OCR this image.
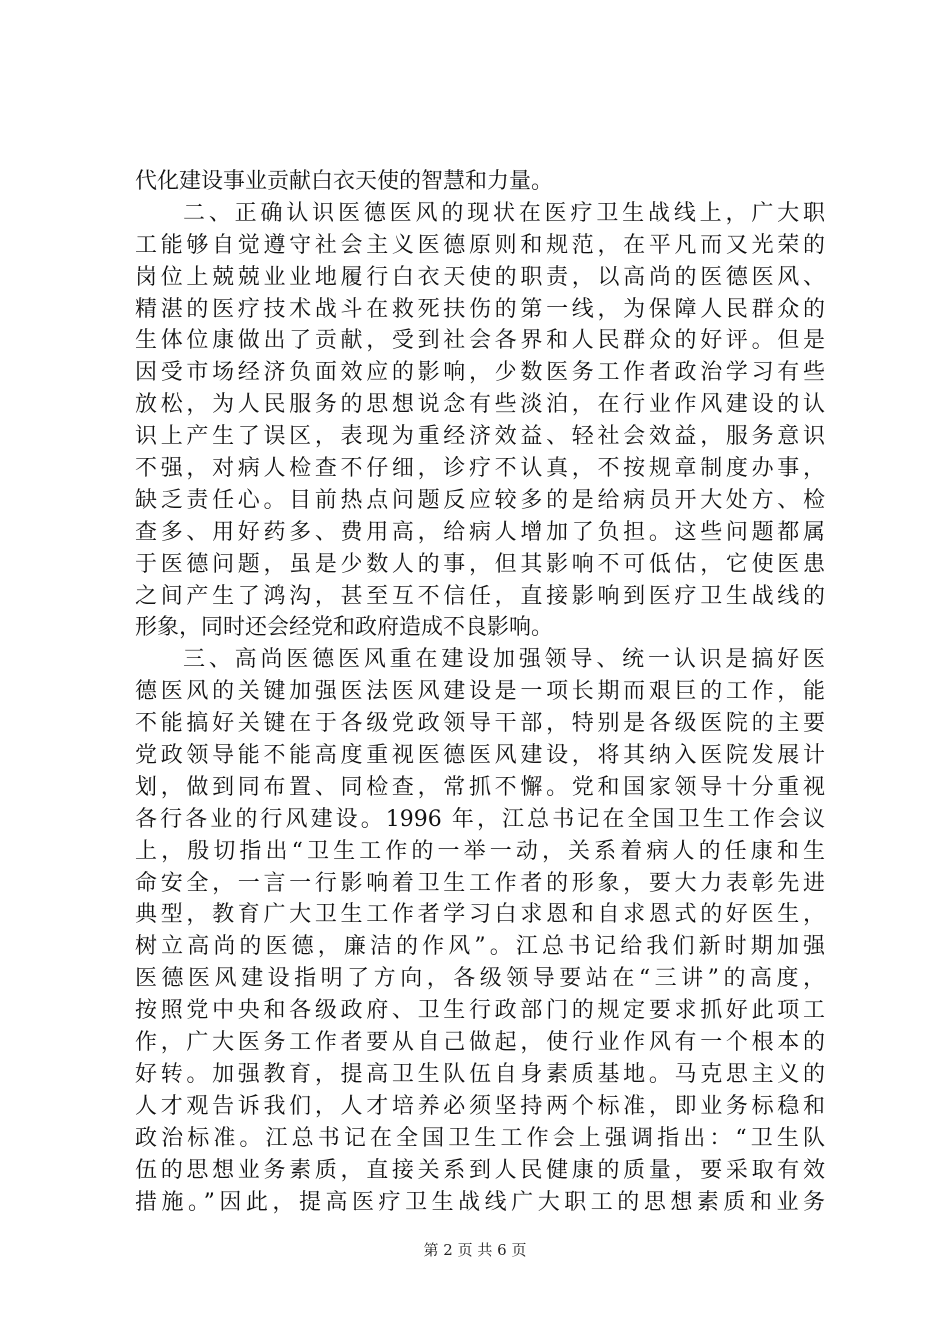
代化建设事业贡献白衣天使的智慧和力量。
二、正确认识医德医风的现状在医疗卫生战线上，广大职
工能够自觉遵守社会主义医德原则和规范，在平凡而又光荣的
岗位上兢兢业业地履行白衣天使的职责，以高尚的医德医风、
精湛的医疗技术战斗在救死扶伤的第一线，为保障人民群众的
生体位康做出了贡献，受到社会各界和人民群众的好评。但是
因受市场经济负面效应的影响，少数医务工作者政治学习有些
放松，为人民服务的思想说念有些淡泊，在行业作风建设的认
识上产生了误区，表现为重经济效益、轻社会效益，服务意识
不强，对病人检查不仔细，诊疗不认真，不按规章制度办事，
缺乏责任心。目前热点问题反应较多的是给病员开大处方、检
查多、用好药多、费用高，给病人增加了负担。这些问题都属
于医德问题，虽是少数人的事，但其影响不可低估，它使医患
之间产生了鸿沟，甚至互不信任，直接影响到医疗卫生战线的
形象，同时还会经党和政府造成不良影响。
三、高尚医德医风重在建设加强领导、统一认识是搞好医
德医风的关键加强医法医风建设是一项长期而艰巨的工作，能
不能搞好关键在于各级党政领导干部，特别是各级医院的主要
党政领导能不能高度重视医德医风建设，将其纳入医院发展计
划，做到同布置、同检查，常抓不懈。党和国家领导十分重视
各行各业的行风建设。1996 年，江总书记在全国卫生工作会议
上，殷切指出“卫生工作的一举一动，关系着病人的任康和生
命安全，一言一行影响着卫生工作者的形象，要大力表彰先进
典型，教育广大卫生工作者学习白求恩和自求恩式的好医生，
树立高尚的医德，廉洁的作风”。江总书记给我们新时期加强
医德医风建设指明了方向，各级领导要站在“三讲”的高度，
按照党中央和各级政府、卫生行政部门的规定要求抓好此项工
作，广大医务工作者要从自己做起，使行业作风有一个根本的
好转。加强教育，提高卫生队伍自身素质基地。马克思主义的
人才观告诉我们，人才培养必须坚持两个标准，即业务标稳和
政治标准。江总书记在全国卫生工作会上强调指出：“卫生队
伍的思想业务素质，直接关系到人民健康的质量，要采取有效
措施。”因此，提高医疗卫生战线广大职工的思想素质和业务
第 2 页 共 6 页
